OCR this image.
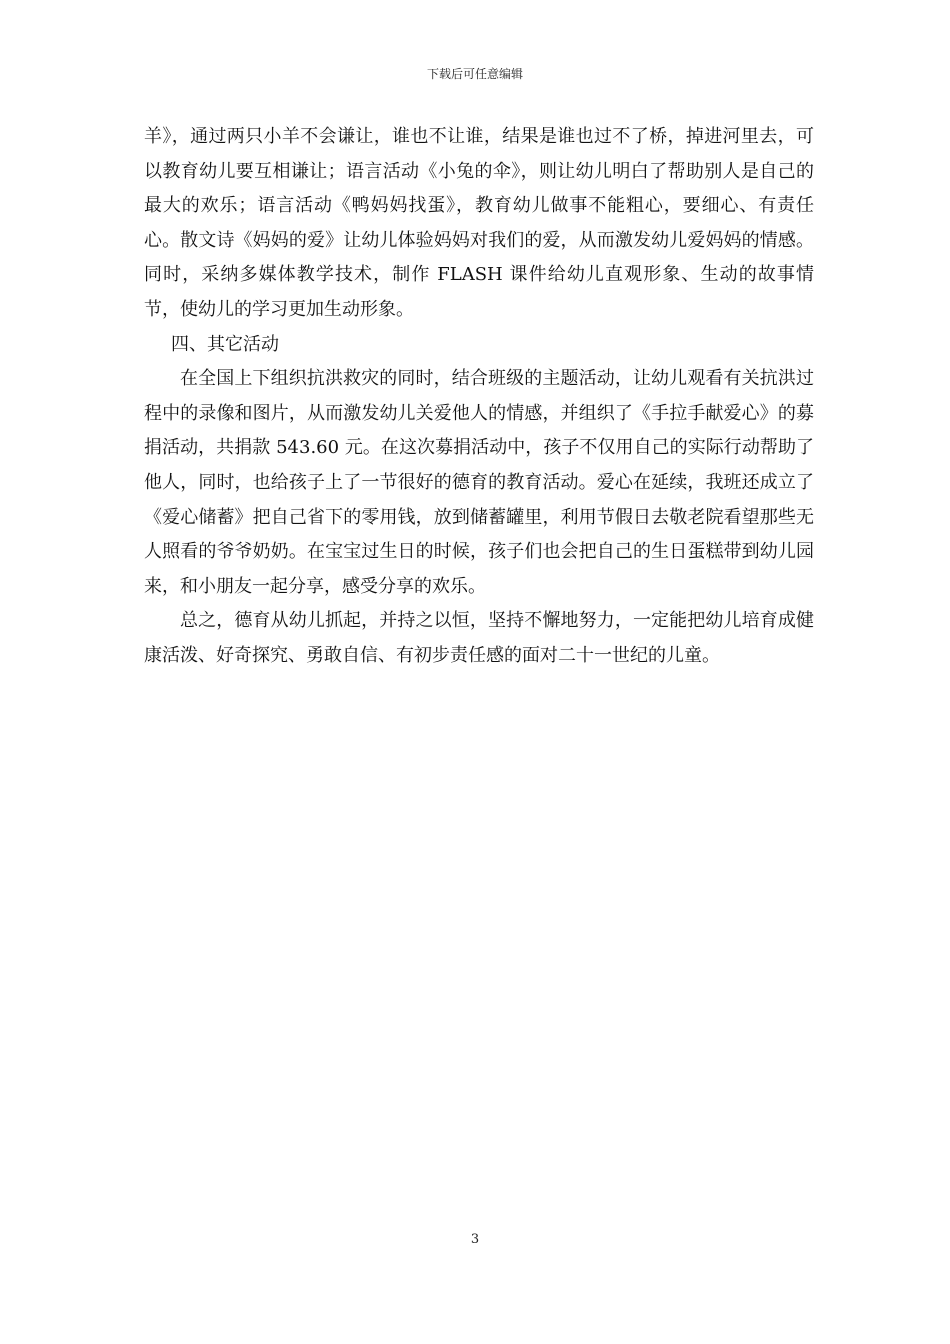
下载后可任意编辑

羊》，通过两只小羊不会谦让，谁也不让谁，结果是谁也过不了桥，掉进河里去，可以教育幼儿要互相谦让；语言活动《小兔的伞》，则让幼儿明白了帮助别人是自己的最大的欢乐；语言活动《鸭妈妈找蛋》，教育幼儿做事不能粗心，要细心、有责任心。散文诗《妈妈的爱》让幼儿体验妈妈对我们的爱，从而激发幼儿爱妈妈的情感。同时，采纳多媒体教学技术，制作 FLASH 课件给幼儿直观形象、生动的故事情节，使幼儿的学习更加生动形象。

四、其它活动

在全国上下组织抗洪救灾的同时，结合班级的主题活动，让幼儿观看有关抗洪过程中的录像和图片，从而激发幼儿关爱他人的情感，并组织了《手拉手献爱心》的募捐活动，共捐款 543.60 元。在这次募捐活动中，孩子不仅用自己的实际行动帮助了他人，同时，也给孩子上了一节很好的德育的教育活动。爱心在延续，我班还成立了《爱心储蓄》把自己省下的零用钱，放到储蓄罐里，利用节假日去敬老院看望那些无人照看的爷爷奶奶。在宝宝过生日的时候，孩子们也会把自己的生日蛋糕带到幼儿园来，和小朋友一起分享，感受分享的欢乐。

总之，德育从幼儿抓起，并持之以恒，坚持不懈地努力，一定能把幼儿培育成健康活泼、好奇探究、勇敢自信、有初步责任感的面对二十一世纪的儿童。

3
